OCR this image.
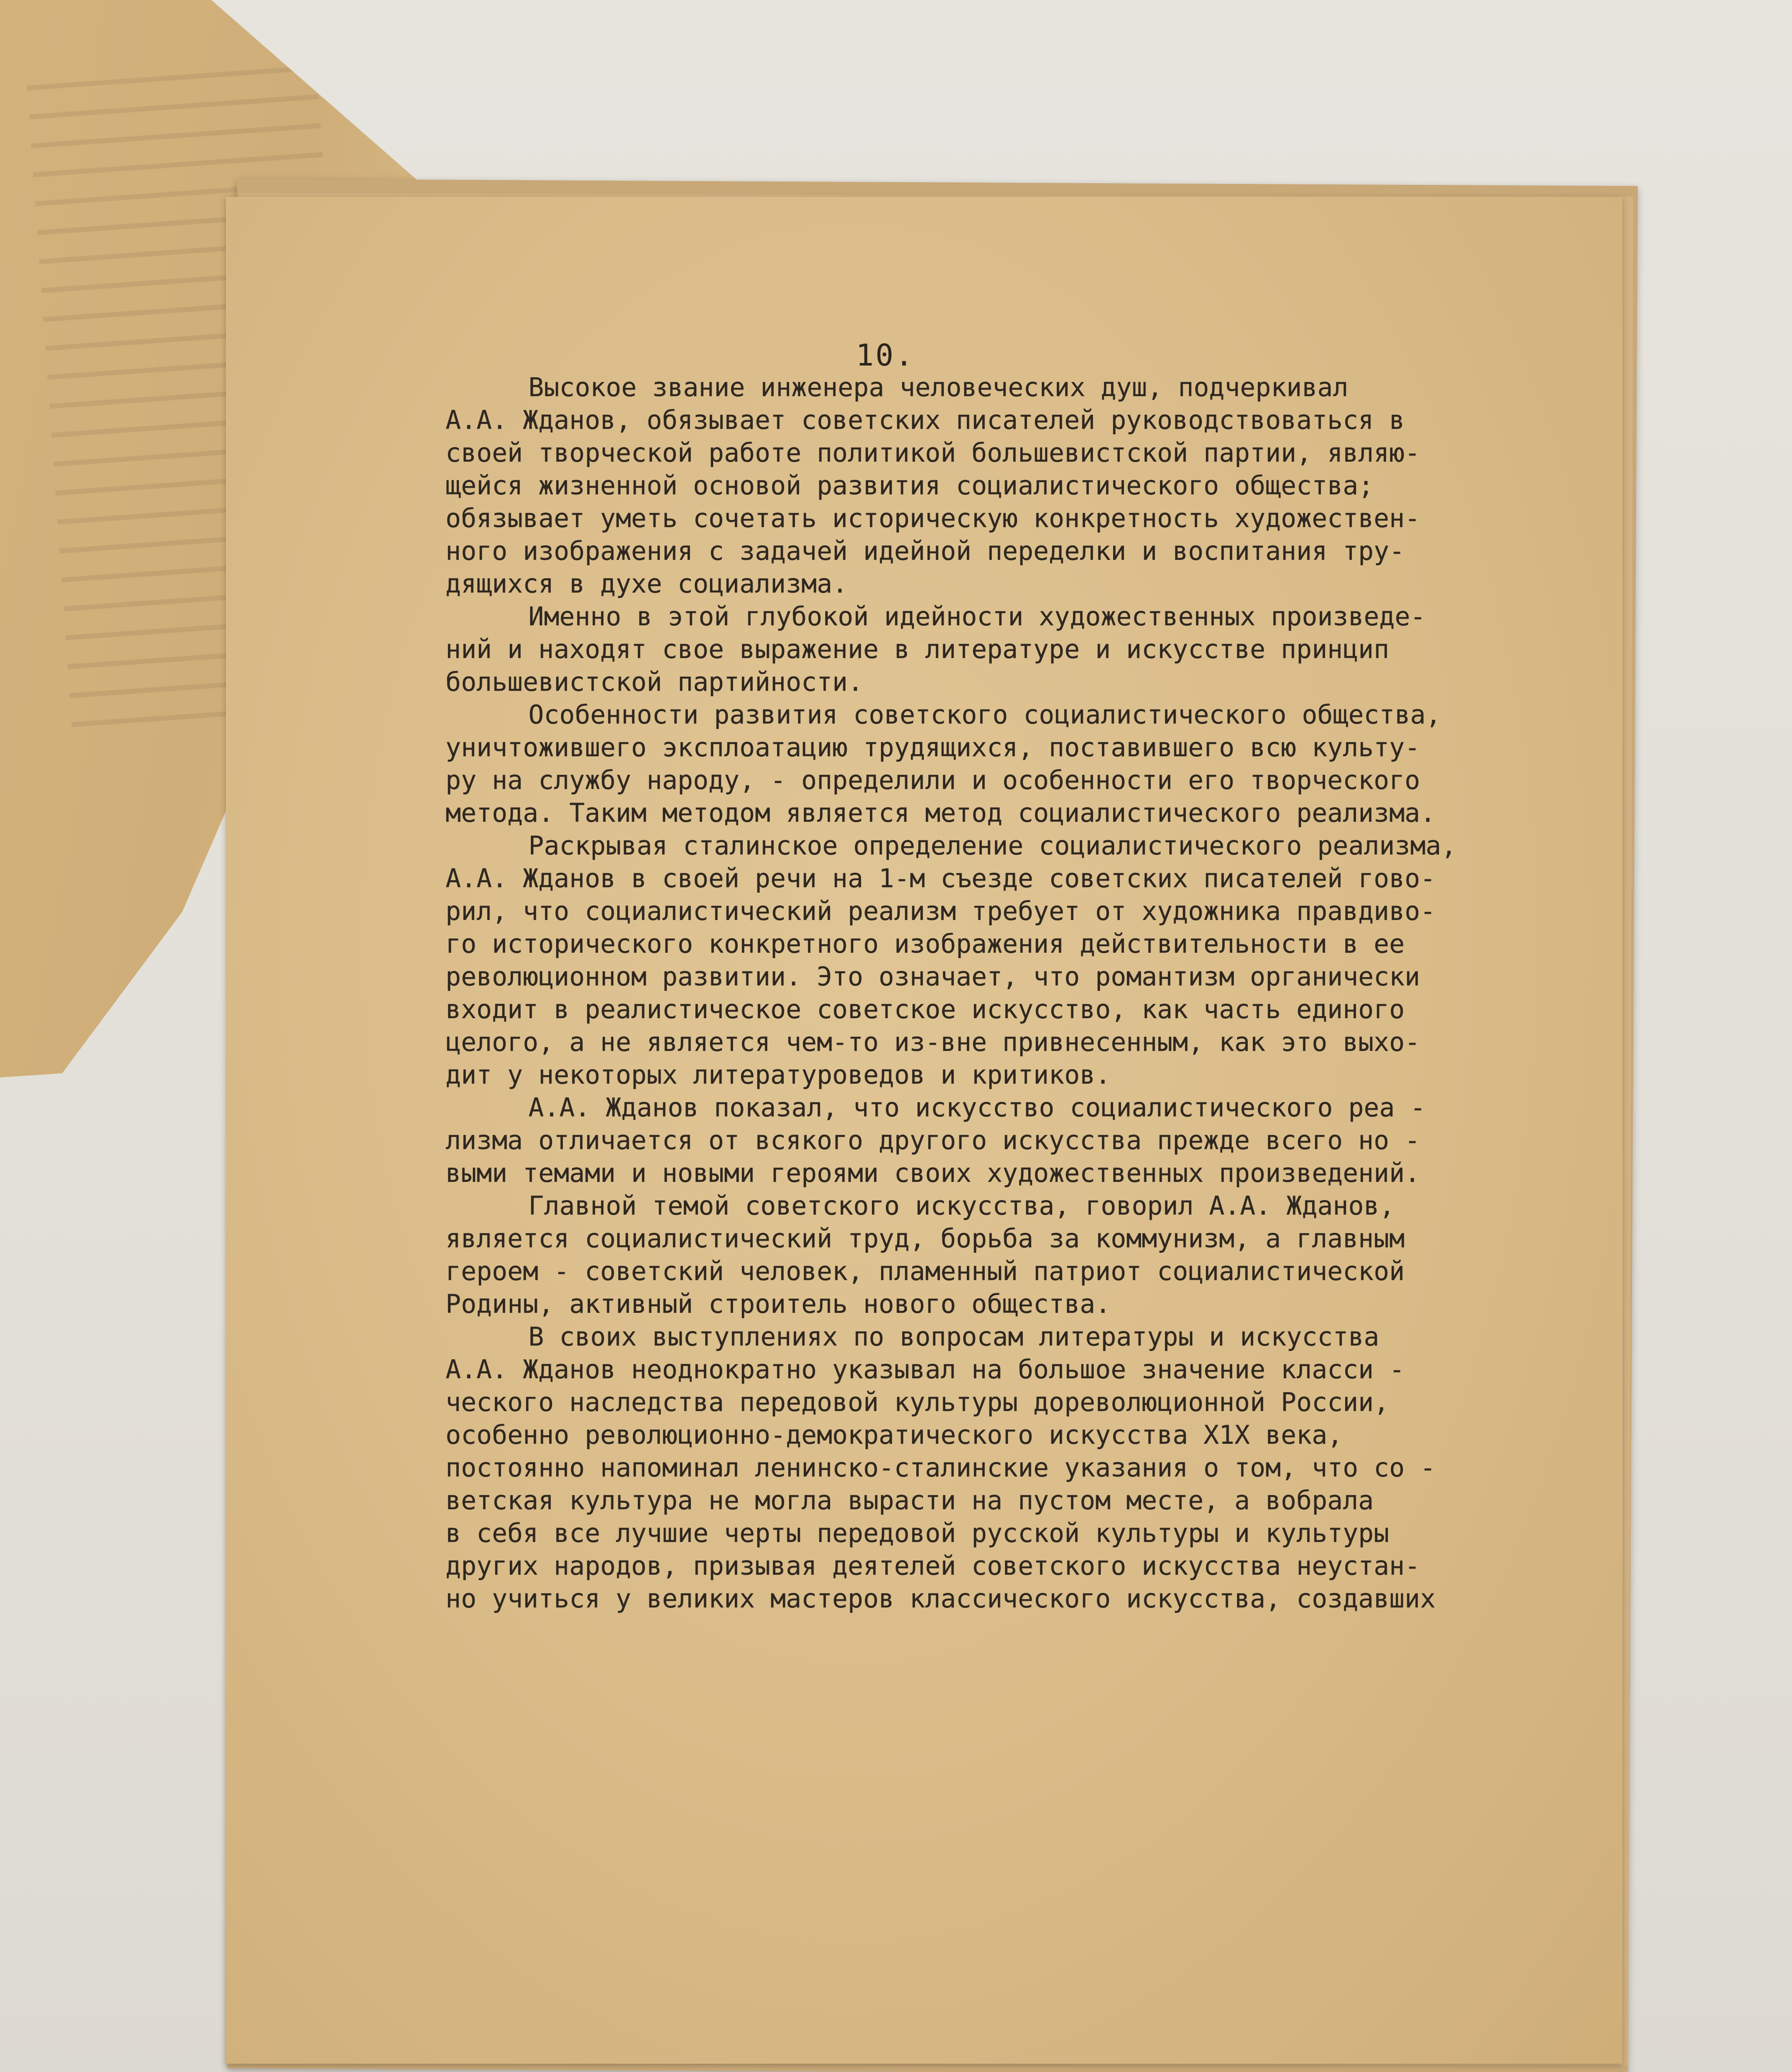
10.
Высокое звание инженера человеческих душ, подчеркивал
А.А. Жданов, обязывает советских писателей руководствоваться в
своей творческой работе политикой большевистской партии, являю-
щейся жизненной основой развития социалистического общества;
обязывает уметь сочетать историческую конкретность художествен-
ного изображения с задачей идейной переделки и воспитания тру-
дящихся в духе социализма.
Именно в этой глубокой идейности художественных произведе-
ний и находят свое выражение в литературе и искусстве принцип
большевистской партийности.
Особенности развития советского социалистического общества,
уничтожившего эксплоатацию трудящихся, поставившего всю культу-
ру на службу народу, - определили и особенности его творческого
метода. Таким методом является метод социалистического реализма.
Раскрывая сталинское определение социалистического реализма,
А.А. Жданов в своей речи на 1-м съезде советских писателей гово-
рил, что социалистический реализм требует от художника правдиво-
го исторического конкретного изображения действительности в ее
революционном развитии. Это означает, что романтизм органически
входит в реалистическое советское искусство, как часть единого
целого, а не является чем-то из-вне привнесенным, как это выхо-
дит у некоторых литературоведов и критиков.
А.А. Жданов показал, что искусство социалистического реа -
лизма отличается от всякого другого искусства прежде всего но -
выми темами и новыми героями своих художественных произведений.
Главной темой советского искусства, говорил А.А. Жданов,
является социалистический труд, борьба за коммунизм, а главным
героем - советский человек, пламенный патриот социалистической
Родины, активный строитель нового общества.
В своих выступлениях по вопросам литературы и искусства
А.А. Жданов неоднократно указывал на большое значение класси -
ческого наследства передовой культуры дореволюционной России,
особенно революционно-демократического искусства Х1Х века,
постоянно напоминал ленинско-сталинские указания о том, что со -
ветская культура не могла вырасти на пустом месте, а вобрала
в себя все лучшие черты передовой русской культуры и культуры
других народов, призывая деятелей советского искусства неустан-
но учиться у великих мастеров классического искусства, создавших
